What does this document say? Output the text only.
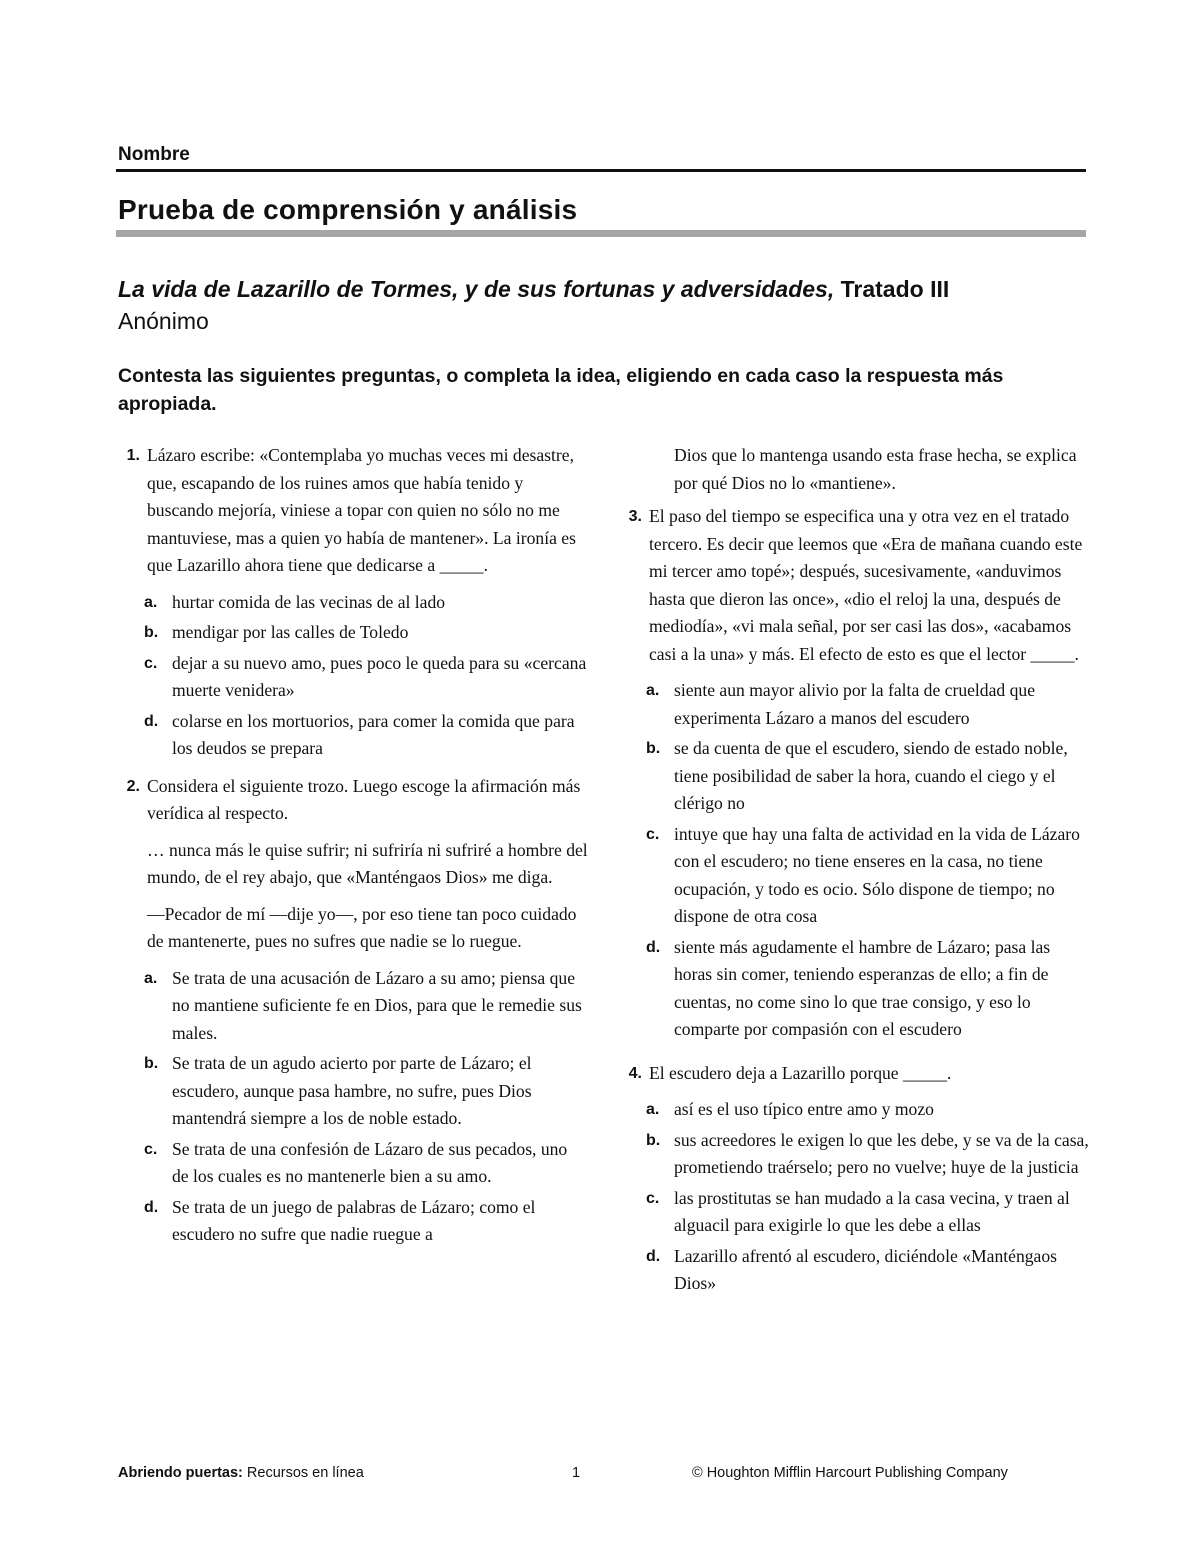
Nombre
Prueba de comprensión y análisis
La vida de Lazarillo de Tormes, y de sus fortunas y adversidades, Tratado III
Anónimo
Contesta las siguientes preguntas, o completa la idea, eligiendo en cada caso la respuesta más apropiada.
1. Lázaro escribe: «Contemplaba yo muchas veces mi desastre, que, escapando de los ruines amos que había tenido y buscando mejoría, viniese a topar con quien no sólo no me mantuviese, mas a quien yo había de mantener». La ironía es que Lazarillo ahora tiene que dedicarse a _____.
a. hurtar comida de las vecinas de al lado
b. mendigar por las calles de Toledo
c. dejar a su nuevo amo, pues poco le queda para su «cercana muerte venidera»
d. colarse en los mortuorios, para comer la comida que para los deudos se prepara
2. Considera el siguiente trozo. Luego escoge la afirmación más verídica al respecto.
… nunca más le quise sufrir; ni sufriría ni sufriré a hombre del mundo, de el rey abajo, que «Manténgaos Dios» me diga.
—Pecador de mí —dije yo—, por eso tiene tan poco cuidado de mantenerte, pues no sufres que nadie se lo ruegue.
a. Se trata de una acusación de Lázaro a su amo; piensa que no mantiene suficiente fe en Dios, para que le remedie sus males.
b. Se trata de un agudo acierto por parte de Lázaro; el escudero, aunque pasa hambre, no sufre, pues Dios mantendrá siempre a los de noble estado.
c. Se trata de una confesión de Lázaro de sus pecados, uno de los cuales es no mantenerle bien a su amo.
d. Se trata de un juego de palabras de Lázaro; como el escudero no sufre que nadie ruegue a
Dios que lo mantenga usando esta frase hecha, se explica por qué Dios no lo «mantiene».
3. El paso del tiempo se especifica una y otra vez en el tratado tercero. Es decir que leemos que «Era de mañana cuando este mi tercer amo topé»; después, sucesivamente, «anduvimos hasta que dieron las once», «dio el reloj la una, después de mediodía», «vi mala señal, por ser casi las dos», «acabamos casi a la una» y más. El efecto de esto es que el lector _____.
a. siente aun mayor alivio por la falta de crueldad que experimenta Lázaro a manos del escudero
b. se da cuenta de que el escudero, siendo de estado noble, tiene posibilidad de saber la hora, cuando el ciego y el clérigo no
c. intuye que hay una falta de actividad en la vida de Lázaro con el escudero; no tiene enseres en la casa, no tiene ocupación, y todo es ocio. Sólo dispone de tiempo; no dispone de otra cosa
d. siente más agudamente el hambre de Lázaro; pasa las horas sin comer, teniendo esperanzas de ello; a fin de cuentas, no come sino lo que trae consigo, y eso lo comparte por compasión con el escudero
4. El escudero deja a Lazarillo porque _____.
a. así es el uso típico entre amo y mozo
b. sus acreedores le exigen lo que les debe, y se va de la casa, prometiendo traérselo; pero no vuelve; huye de la justicia
c. las prostitutas se han mudado a la casa vecina, y traen al alguacil para exigirle lo que les debe a ellas
d. Lazarillo afrentó al escudero, diciéndole «Manténgaos Dios»
Abriendo puertas: Recursos en línea	1	© Houghton Mifflin Harcourt Publishing Company
